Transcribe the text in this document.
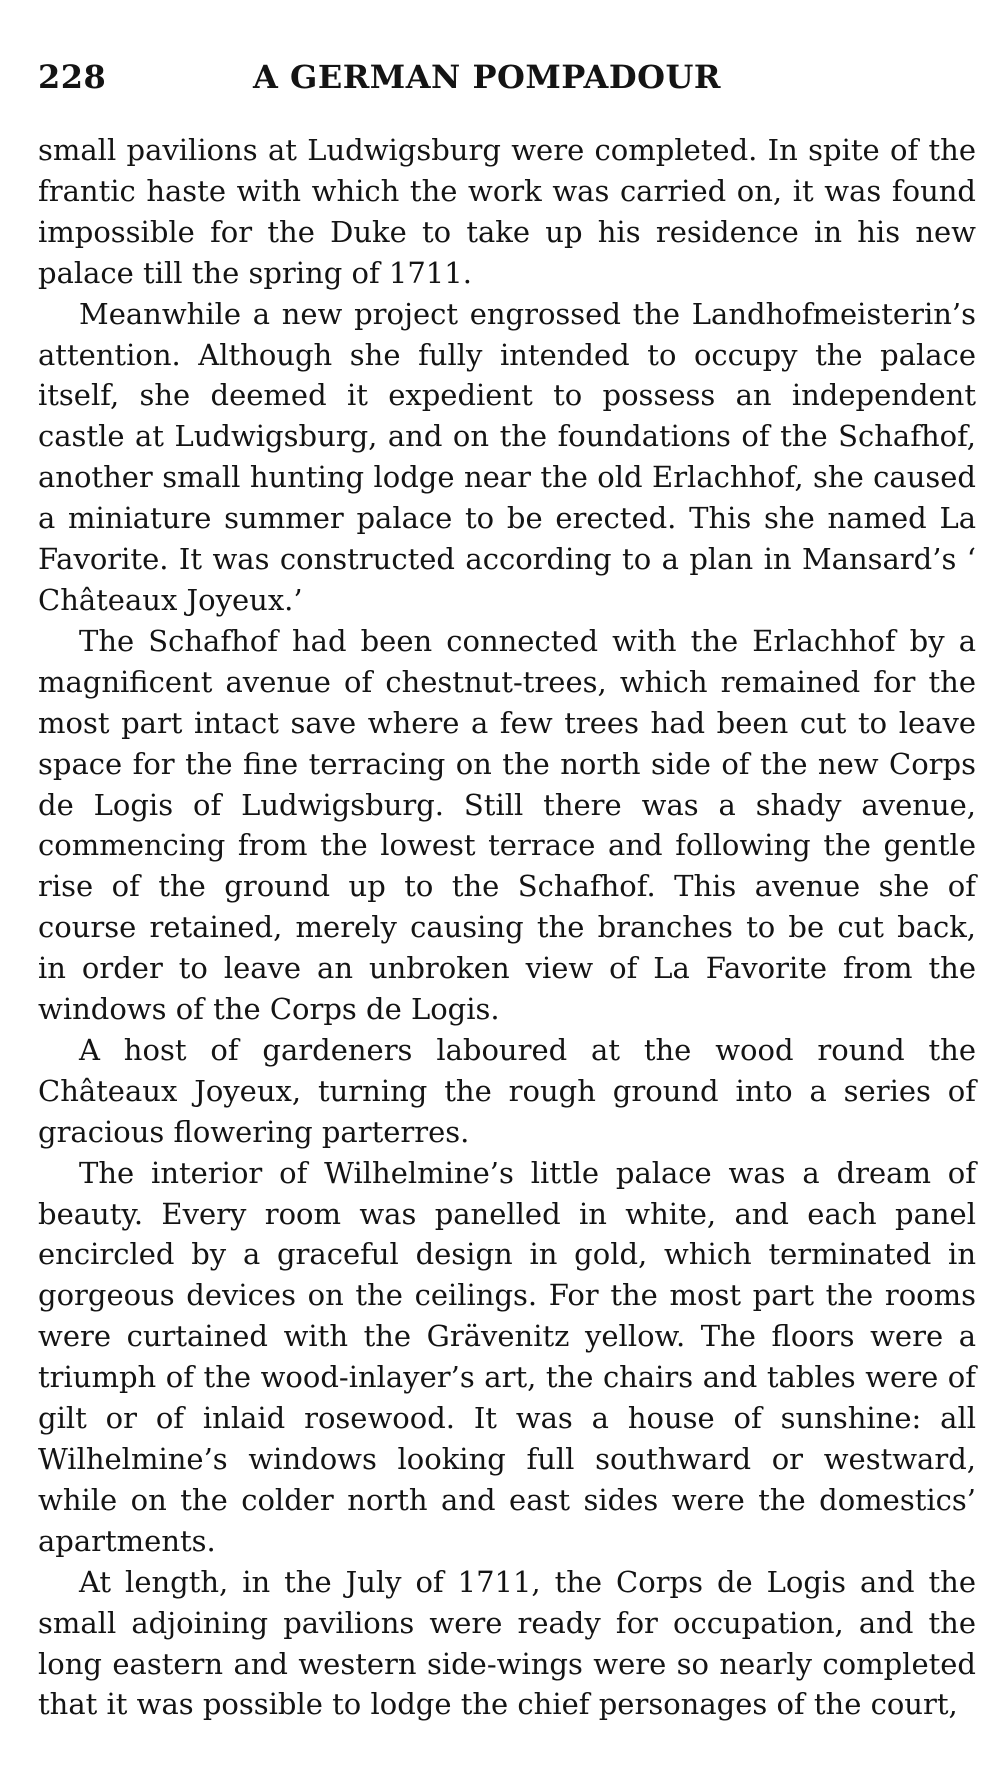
228	A GERMAN POMPADOUR

small pavilions at Ludwigsburg were completed. In spite of the frantic haste with which the work was carried on, it was found impossible for the Duke to take up his residence in his new palace till the spring of 1711.

Meanwhile a new project engrossed the Landhofmeisterin’s attention. Although she fully intended to occupy the palace itself, she deemed it expedient to possess an independent castle at Ludwigsburg, and on the foundations of the Schafhof, another small hunting lodge near the old Erlachhof, she caused a miniature summer palace to be erected. This she named La Favorite. It was constructed according to a plan in Mansard’s ‘ Châteaux Joyeux.’

The Schafhof had been connected with the Erlachhof by a magnificent avenue of chestnut-trees, which remained for the most part intact save where a few trees had been cut to leave space for the fine terracing on the north side of the new Corps de Logis of Ludwigsburg. Still there was a shady avenue, commencing from the lowest terrace and following the gentle rise of the ground up to the Schafhof. This avenue she of course retained, merely causing the branches to be cut back, in order to leave an unbroken view of La Favorite from the windows of the Corps de Logis.

A host of gardeners laboured at the wood round the Châteaux Joyeux, turning the rough ground into a series of gracious flowering parterres.

The interior of Wilhelmine’s little palace was a dream of beauty. Every room was panelled in white, and each panel encircled by a graceful design in gold, which terminated in gorgeous devices on the ceilings. For the most part the rooms were curtained with the Grävenitz yellow. The floors were a triumph of the wood-inlayer’s art, the chairs and tables were of gilt or of inlaid rosewood. It was a house of sunshine: all Wilhelmine’s windows looking full southward or westward, while on the colder north and east sides were the domestics’ apartments.

At length, in the July of 1711, the Corps de Logis and the small adjoining pavilions were ready for occupation, and the long eastern and western side-wings were so nearly completed that it was possible to lodge the chief personages of the court,
